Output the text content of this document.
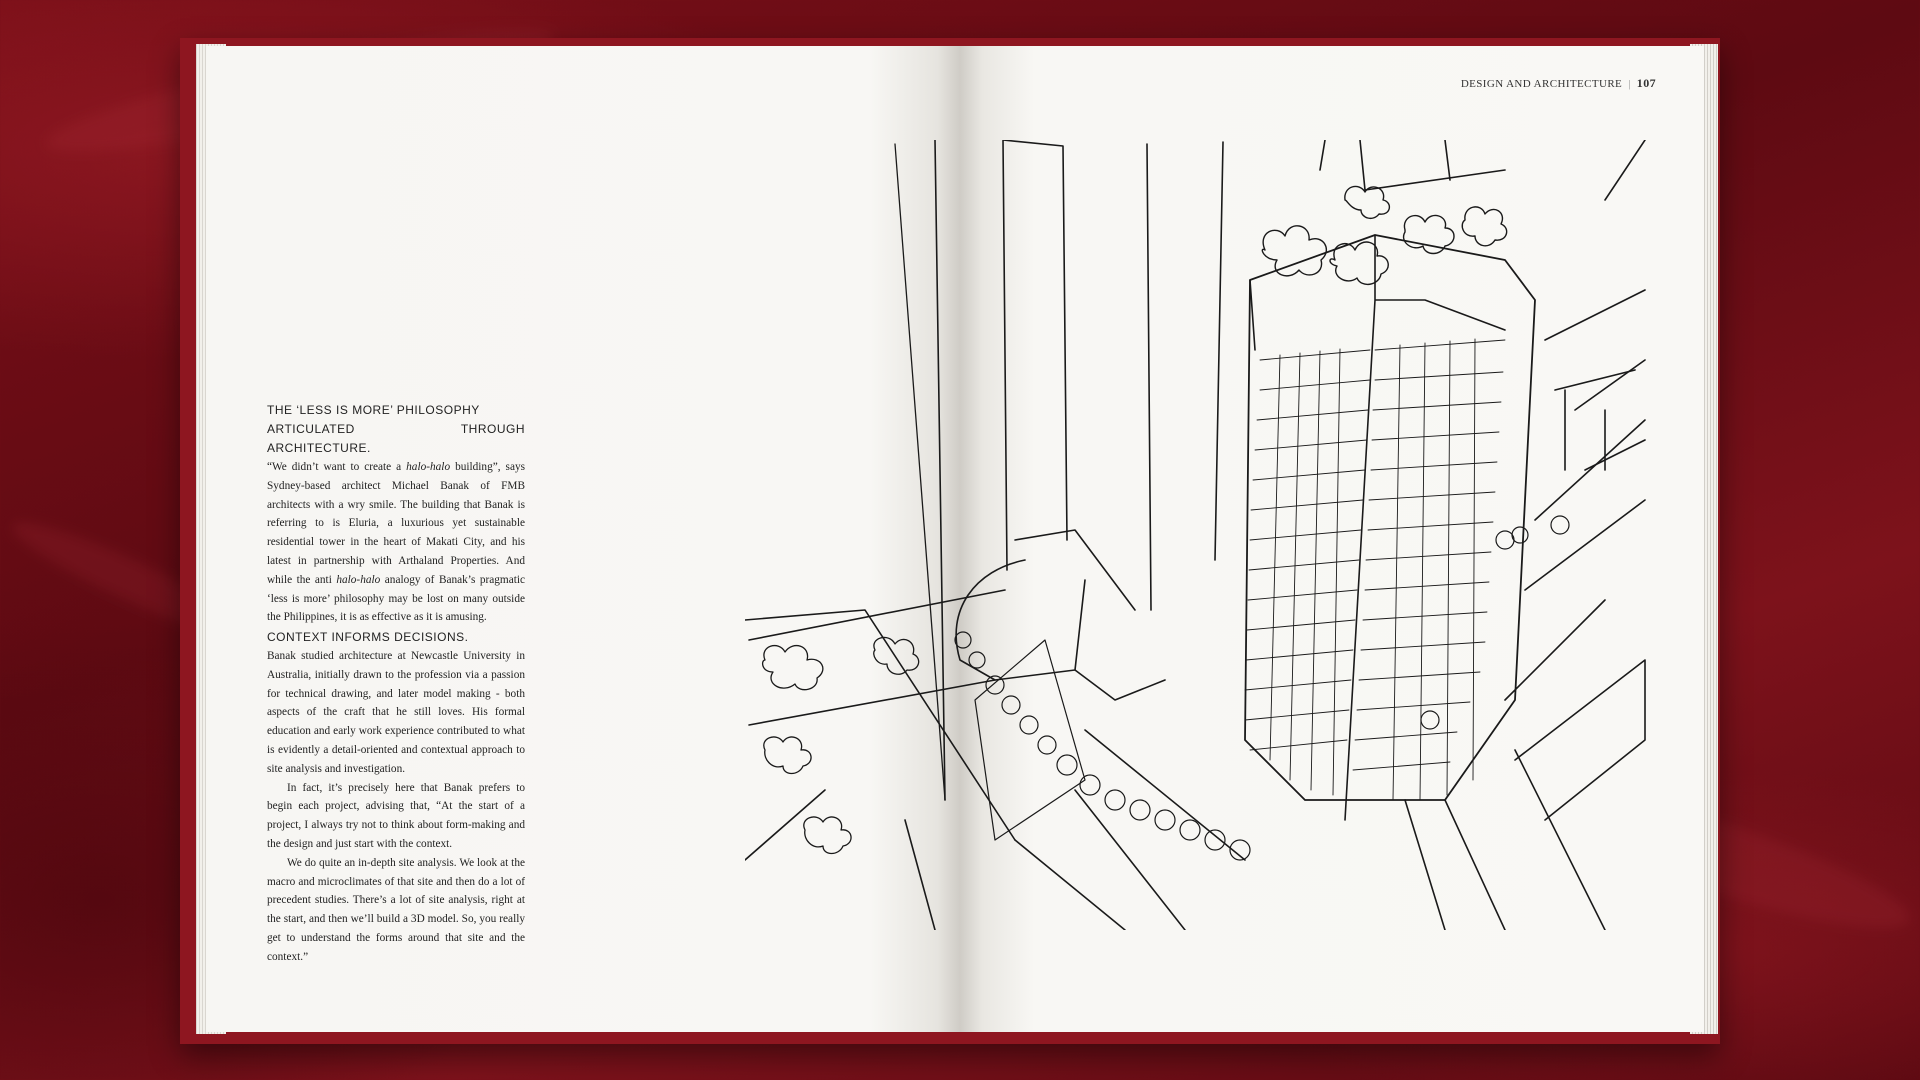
DESIGN AND ARCHITECTURE | 107
THE ‘LESS IS MORE’ PHILOSOPHY
ARTICULATED THROUGH ARCHITECTURE.

“We didn’t want to create a halo-halo building”, says Sydney-based architect Michael Banak of FMB architects with a wry smile. The building that Banak is referring to is Eluria, a luxurious yet sustainable residential tower in the heart of Makati City, and his latest in partnership with Arthaland Properties. And while the anti halo-halo analogy of Banak’s pragmatic ‘less is more’ philosophy may be lost on many outside the Philippines, it is as effective as it is amusing.

CONTEXT INFORMS DECISIONS.

Banak studied architecture at Newcastle University in Australia, initially drawn to the profession via a passion for technical drawing, and later model making - both aspects of the craft that he still loves. His formal education and early work experience contributed to what is evidently a detail-oriented and contextual approach to site analysis and investigation.

In fact, it’s precisely here that Banak prefers to begin each project, advising that, “At the start of a project, I always try not to think about form-making and the design and just start with the context.

We do quite an in-depth site analysis. We look at the macro and microclimates of that site and then do a lot of precedent studies. There’s a lot of site analysis, right at the start, and then we’ll build a 3D model. So, you really get to understand the forms around that site and the context.”
